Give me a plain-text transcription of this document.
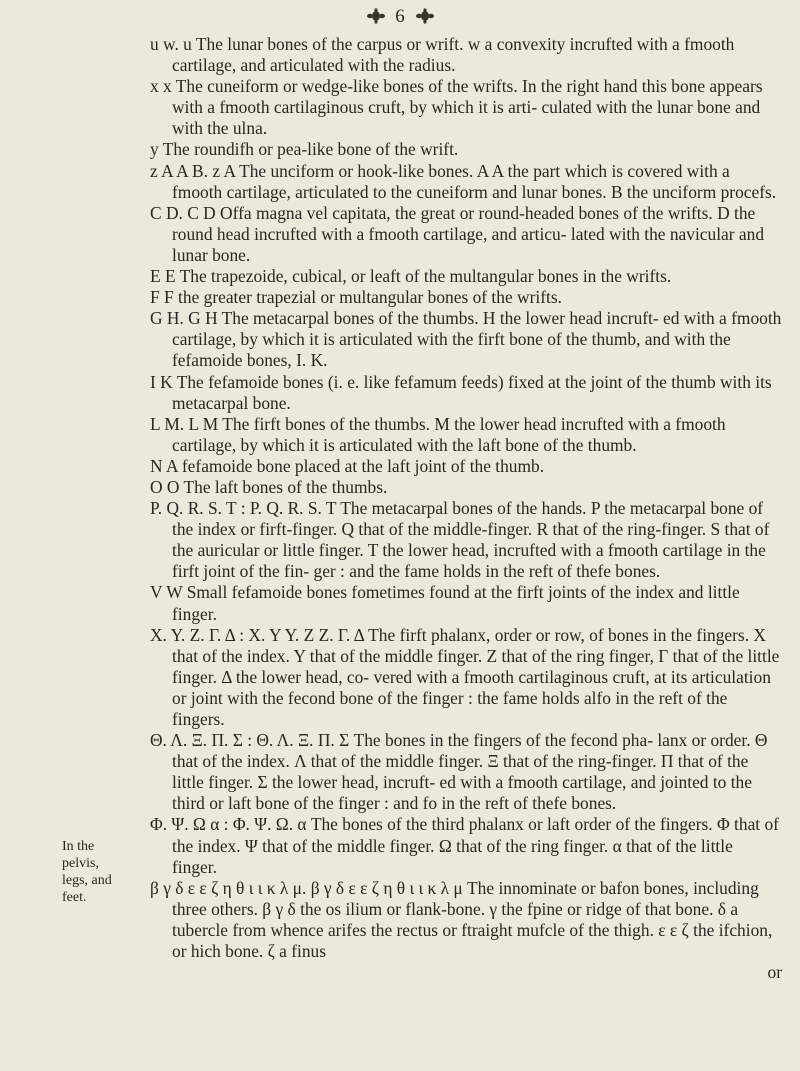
6

u w. u The lunar bones of the carpus or wrift. w a convexity incrufted with a fmooth cartilage, and articulated with the radius.

x x The cuneiform or wedge-like bones of the wrifts. In the right hand this bone appears with a fmooth cartilaginous cruft, by which it is arti- culated with the lunar bone and with the ulna.

y The roundifh or pea-like bone of the wrift.

z A A B. z A The unciform or hook-like bones. A A the part which is covered with a fmooth cartilage, articulated to the cuneiform and lunar bones. B the unciform procefs.

C D. C D Offa magna vel capitata, the great or round-headed bones of the wrifts. D the round head incrufted with a fmooth cartilage, and articu- lated with the navicular and lunar bone.

E E The trapezoide, cubical, or leaft of the multangular bones in the wrifts.

F F the greater trapezial or multangular bones of the wrifts.

G H. G H The metacarpal bones of the thumbs. H the lower head incruft- ed with a fmooth cartilage, by which it is articulated with the firft bone of the thumb, and with the fefamoide bones, I. K.

I K The fefamoide bones (i. e. like fefamum feeds) fixed at the joint of the thumb with its metacarpal bone.

L M. L M The firft bones of the thumbs. M the lower head incrufted with a fmooth cartilage, by which it is articulated with the laft bone of the thumb.

N A fefamoide bone placed at the laft joint of the thumb.

O O The laft bones of the thumbs.

P. Q. R. S. T : P. Q. R. S. T The metacarpal bones of the hands. P the metacarpal bone of the index or firft-finger. Q that of the middle-finger. R that of the ring-finger. S that of the auricular or little finger. T the lower head, incrufted with a fmooth cartilage in the firft joint of the fin- ger : and the fame holds in the reft of thefe bones.

V W Small fefamoide bones fometimes found at the firft joints of the index and little finger.

X. Y. Z. Γ. Δ : X. Y Y. Z Z. Γ. Δ The firft phalanx, order or row, of bones in the fingers. X that of the index. Y that of the middle finger. Z that of the ring finger, Γ that of the little finger. Δ the lower head, co- vered with a fmooth cartilaginous cruft, at its articulation or joint with the fecond bone of the finger : the fame holds alfo in the reft of the fingers.

Θ. Λ. Ξ. Π. Σ : Θ. Λ. Ξ. Π. Σ The bones in the fingers of the fecond pha- lanx or order. Θ that of the index. Λ that of the middle finger. Ξ that of the ring-finger. Π that of the little finger. Σ the lower head, incruft- ed with a fmooth cartilage, and jointed to the third or laft bone of the finger : and fo in the reft of thefe bones.

Φ. Ψ. Ω α : Φ. Ψ. Ω. α The bones of the third phalanx or laft order of the fingers. Φ that of the index. Ψ that of the middle finger. Ω that of the ring finger. α that of the little finger.

β γ δ ε ε ζ η θ ι ι κ λ μ. β γ δ ε ε ζ η θ ι ι κ λ μ The innominate or bafon bones, including three others. β γ δ the os ilium or flank-bone. γ the fpine or ridge of that bone. δ a tubercle from whence arifes the rectus or ftraight mufcle of the thigh. ε ε ζ the ifchion, or hich bone. ζ a finus

or

In the
pelvis,
legs, and
feet.
